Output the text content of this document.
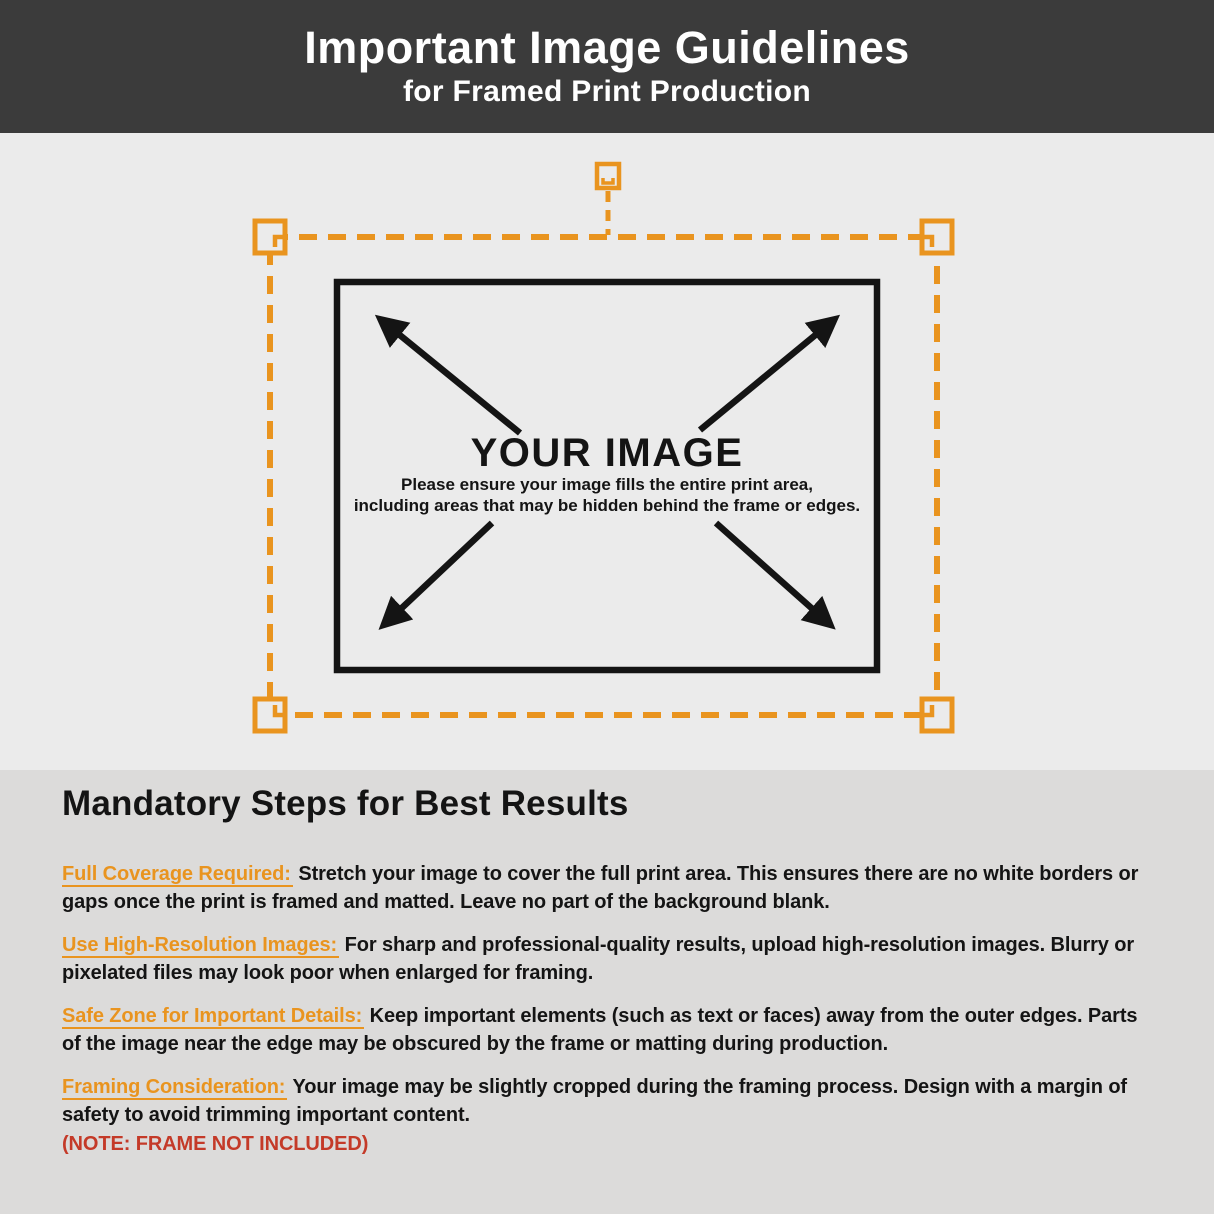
Important Image Guidelines
for Framed Print Production
YOUR IMAGE
Please ensure your image fills the entire print area,
including areas that may be hidden behind the frame or edges.
Mandatory Steps for Best Results

Full Coverage Required: Stretch your image to cover the full print area. This ensures there are no white borders or gaps once the print is framed and matted. Leave no part of the background blank.

Use High-Resolution Images: For sharp and professional-quality results, upload high-resolution images. Blurry or pixelated files may look poor when enlarged for framing.

Safe Zone for Important Details: Keep important elements (such as text or faces) away from the outer edges. Parts of the image near the edge may be obscured by the frame or matting during production.

Framing Consideration: Your image may be slightly cropped during the framing process. Design with a margin of safety to avoid trimming important content.

(NOTE: FRAME NOT INCLUDED)
